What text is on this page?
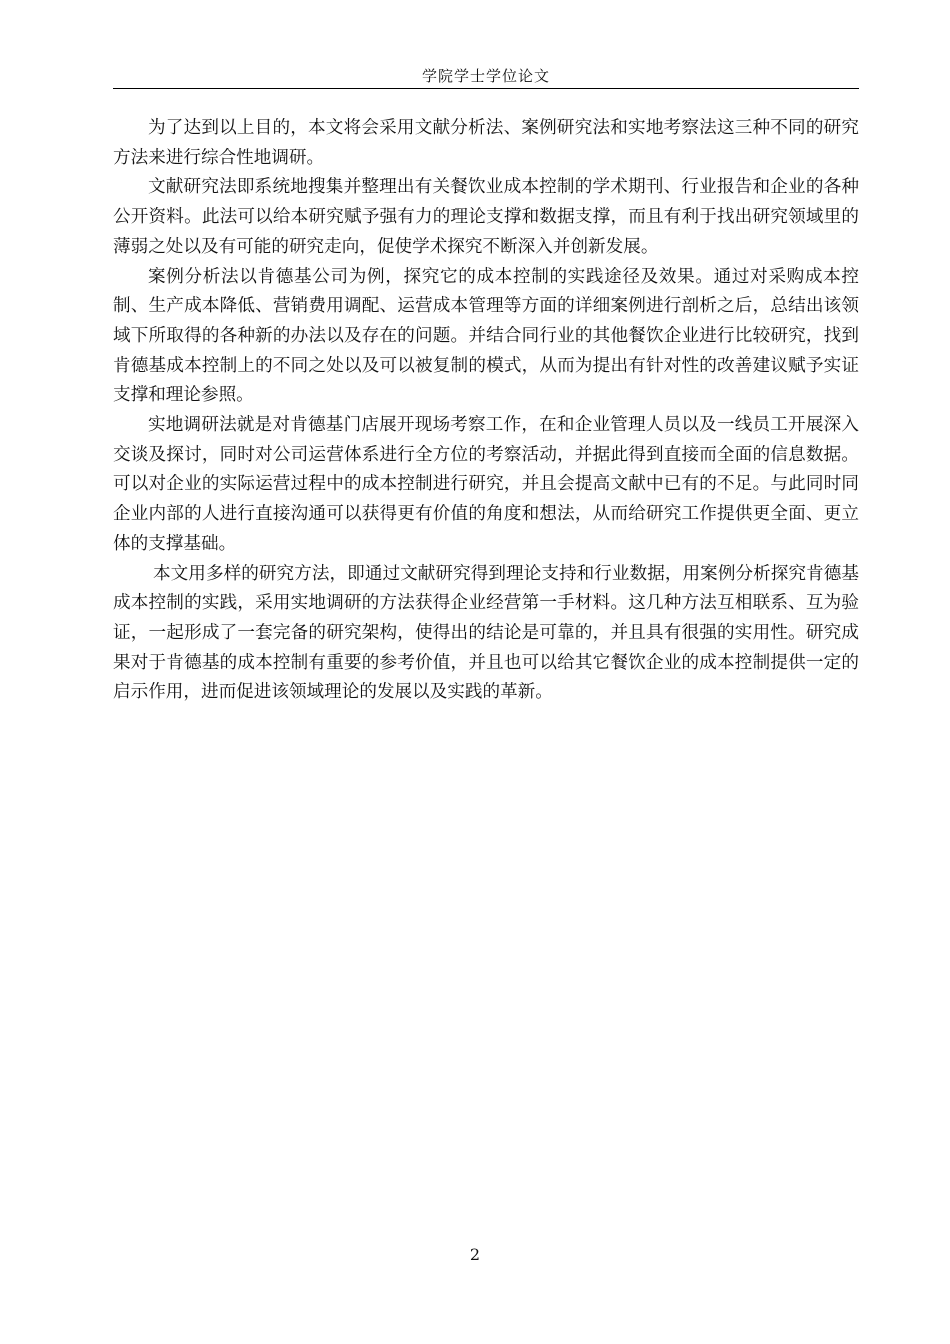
学院学士学位论文

为了达到以上目的，本文将会采用文献分析法、案例研究法和实地考察法这三种不同的研究方法来进行综合性地调研。

文献研究法即系统地搜集并整理出有关餐饮业成本控制的学术期刊、行业报告和企业的各种公开资料。此法可以给本研究赋予强有力的理论支撑和数据支撑，而且有利于找出研究领域里的薄弱之处以及有可能的研究走向，促使学术探究不断深入并创新发展。

案例分析法以肯德基公司为例，探究它的成本控制的实践途径及效果。通过对采购成本控制、生产成本降低、营销费用调配、运营成本管理等方面的详细案例进行剖析之后，总结出该领域下所取得的各种新的办法以及存在的问题。并结合同行业的其他餐饮企业进行比较研究，找到肯德基成本控制上的不同之处以及可以被复制的模式，从而为提出有针对性的改善建议赋予实证支撑和理论参照。

实地调研法就是对肯德基门店展开现场考察工作，在和企业管理人员以及一线员工开展深入交谈及探讨，同时对公司运营体系进行全方位的考察活动，并据此得到直接而全面的信息数据。可以对企业的实际运营过程中的成本控制进行研究，并且会提高文献中已有的不足。与此同时同企业内部的人进行直接沟通可以获得更有价值的角度和想法，从而给研究工作提供更全面、更立体的支撑基础。

本文用多样的研究方法，即通过文献研究得到理论支持和行业数据，用案例分析探究肯德基成本控制的实践，采用实地调研的方法获得企业经营第一手材料。这几种方法互相联系、互为验证，一起形成了一套完备的研究架构，使得出的结论是可靠的，并且具有很强的实用性。研究成果对于肯德基的成本控制有重要的参考价值，并且也可以给其它餐饮企业的成本控制提供一定的启示作用，进而促进该领域理论的发展以及实践的革新。

2
